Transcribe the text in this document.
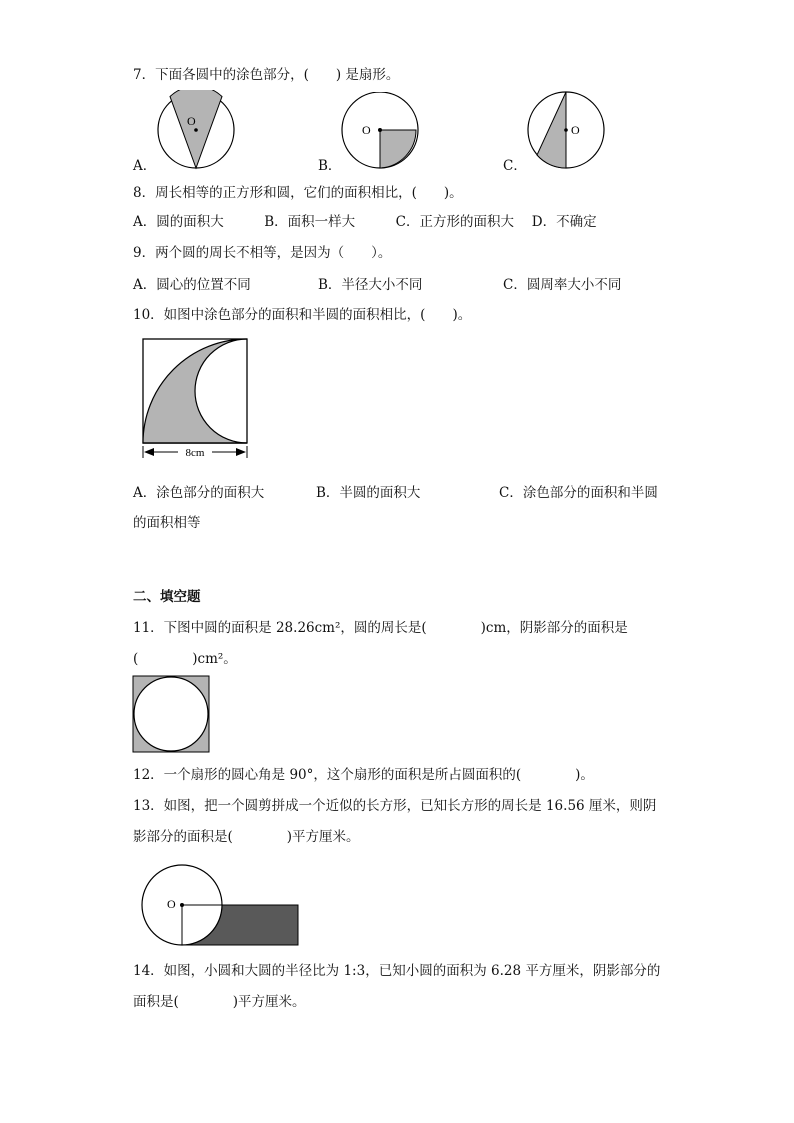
7．下面各圆中的涂色部分，(　　) 是扇形。
O
A．
O
B．
O
C．
8．周长相等的正方形和圆，它们的面积相比，(　　)。
A．圆的面积大　　　B．面积一样大　　　C．正方形的面积大　 D．不确定
9．两个圆的周长不相等，是因为（　　）。
A．圆心的位置不同	B．半径大小不同	C．圆周率大小不同
10．如图中涂色部分的面积和半圆的面积相比，(　　)。
8cm
A．涂色部分的面积大	B．半圆的面积大	C．涂色部分的面积和半圆
的面积相等
二、填空题
11．下图中圆的面积是 28.26cm²，圆的周长是(　　　　)cm，阴影部分的面积是
(　　　　)cm²。
12．一个扇形的圆心角是 90°，这个扇形的面积是所占圆面积的(　　　　)。
13．如图，把一个圆剪拼成一个近似的长方形，已知长方形的周长是 16.56 厘米，则阴
影部分的面积是(　　　　)平方厘米。
O
14．如图，小圆和大圆的半径比为 1:3，已知小圆的面积为 6.28 平方厘米，阴影部分的
面积是(　　　　)平方厘米。
